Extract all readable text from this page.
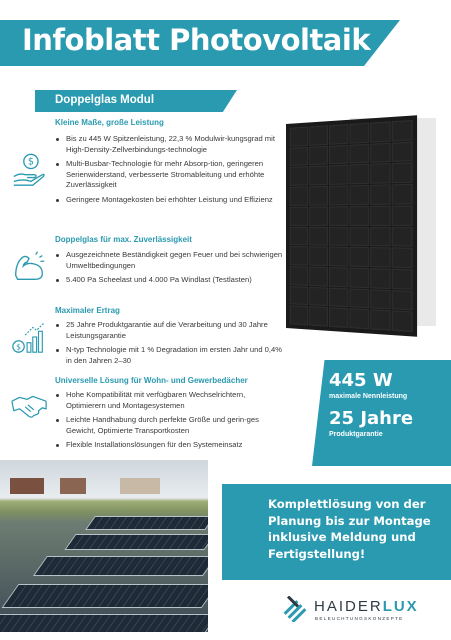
Infoblatt Photovoltaik
Doppelglas Modul
Kleine Maße, große Leistung
$
Bis zu 445 W Spitzenleistung, 22,3 % Modulwir-kungsgrad mit High-Density-Zellverbindungs-technologie
Multi-Busbar-Technologie für mehr Absorp-tion, geringeren Serienwiderstand, verbesserte Stromableitung und erhöhte Zuverlässigkeit
Geringere Montagekosten bei erhöhter Leistung und Effizienz
Doppelglas für max. Zuverlässigkeit
Ausgezeichnete Beständigkeit gegen Feuer und bei schwierigen Umweltbedingungen
5.400 Pa Scheelast und 4.000 Pa Windlast (Testlasten)
Maximaler Ertrag
$
25 Jahre Produktgarantie auf die Verarbeitung und 30 Jahre Leistungsgarantie
N-typ Technologie mit 1 % Degradation im ersten Jahr und 0,4% in den Jahren 2–30
Universelle Lösung für Wohn- und Gewerbedächer
Hohe Kompatibilität mit verfügbaren Wechselrichtern, Optimierern und Montagesystemen
Leichte Handhabung durch perfekte Größe und gerin-ges Gewicht, Optimierte Transportkosten
Flexible Installationslösungen für den Systemeinsatz
445 W
maximale Nennleistung
25 Jahre
Produktgarantie
Komplettlösung von der Planung bis zur Montage inklusive Meldung und Fertigstellung!
HAIDERLUX
BELEUCHTUNGSKONZEPTE
